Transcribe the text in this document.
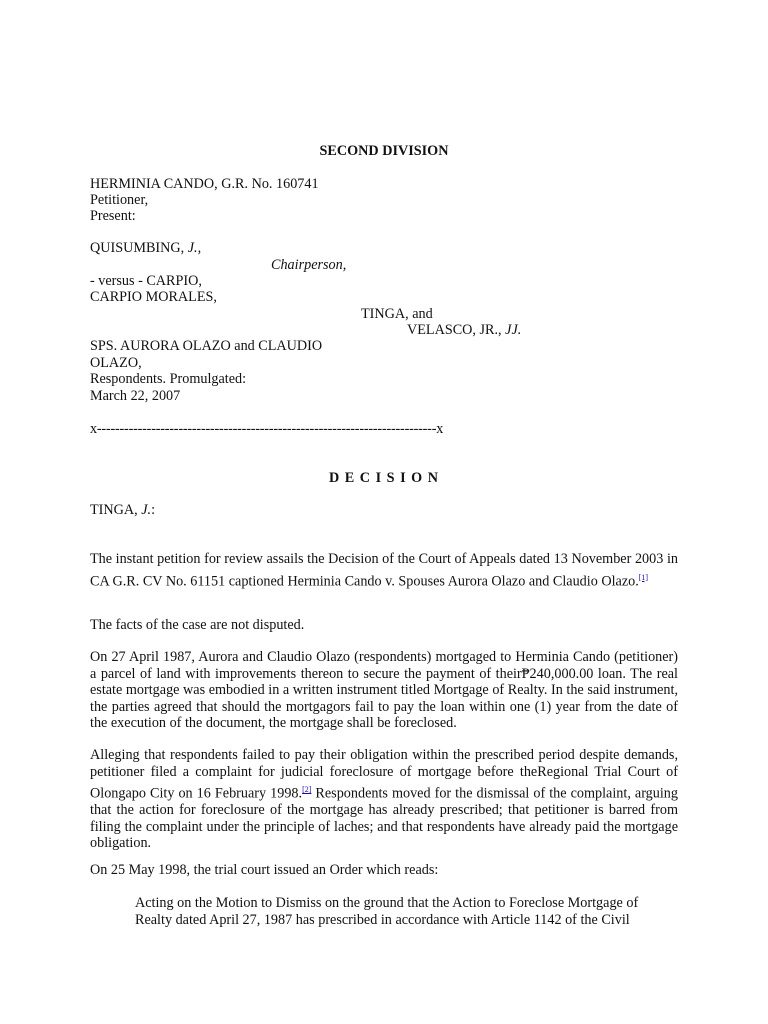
SECOND DIVISION
HERMINIA CANDO, G.R. No. 160741
Petitioner,
Present:
QUISUMBING, J.,
Chairperson,
- versus - CARPIO,
CARPIO MORALES,
TINGA, and
VELASCO, JR., JJ.
SPS. AURORA OLAZO and CLAUDIO
OLAZO,
Respondents. Promulgated:
March 22, 2007
x---------------------------------------------------------------------------x
D E C I S I O N
TINGA, J.:
The instant petition for review assails the Decision of the Court of Appeals dated 13 November 2003 in CA G.R. CV No. 61151 captioned Herminia Cando v. Spouses Aurora Olazo and Claudio Olazo.[1]
The facts of the case are not disputed.
On 27 April 1987, Aurora and Claudio Olazo (respondents) mortgaged to Herminia Cando (petitioner) a parcel of land with improvements thereon to secure the payment of their₱240,000.00 loan. The real estate mortgage was embodied in a written instrument titled Mortgage of Realty. In the said instrument, the parties agreed that should the mortgagors fail to pay the loan within one (1) year from the date of the execution of the document, the mortgage shall be foreclosed.
Alleging that respondents failed to pay their obligation within the prescribed period despite demands, petitioner filed a complaint for judicial foreclosure of mortgage before theRegional Trial Court of Olongapo City on 16 February 1998.[2] Respondents moved for the dismissal of the complaint, arguing that the action for foreclosure of the mortgage has already prescribed; that petitioner is barred from filing the complaint under the principle of laches; and that respondents have already paid the mortgage obligation.
On 25 May 1998, the trial court issued an Order which reads:
Acting on the Motion to Dismiss on the ground that the Action to Foreclose Mortgage of Realty dated April 27, 1987 has prescribed in accordance with Article 1142 of the Civil
